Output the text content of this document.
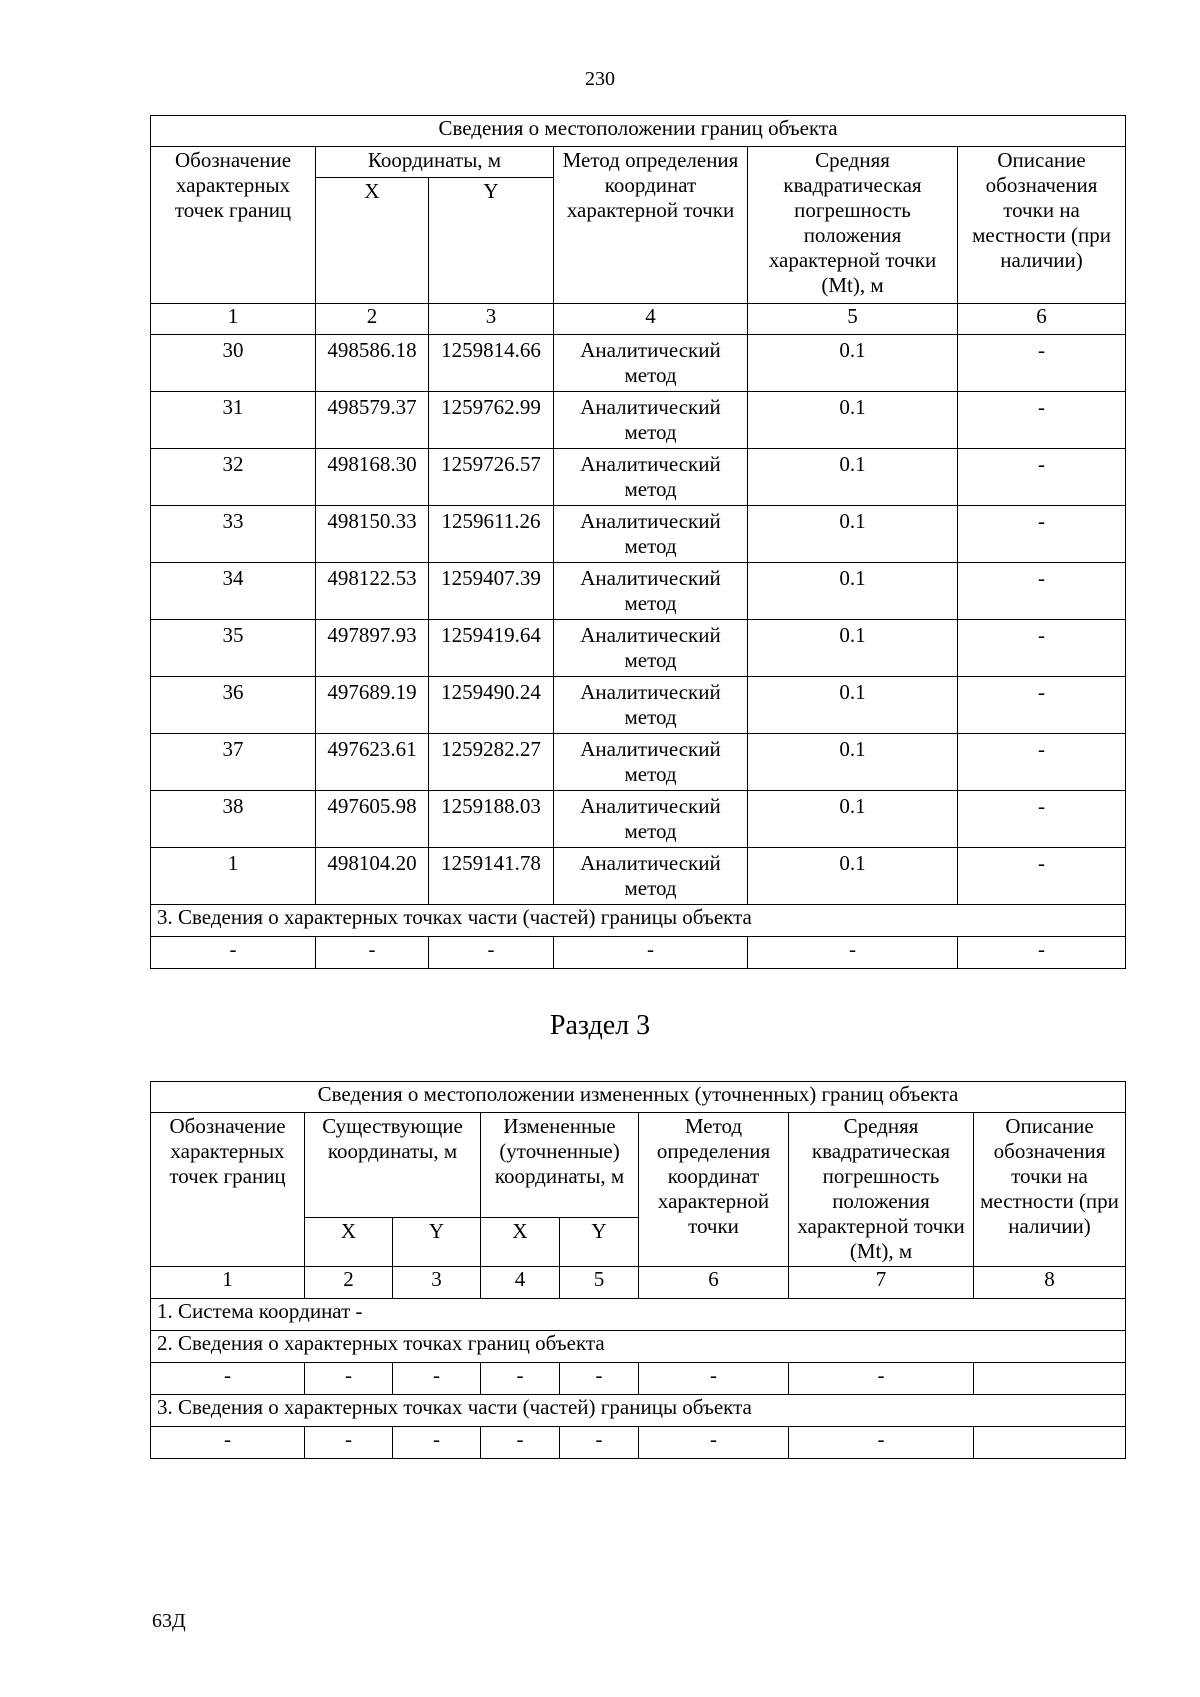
230
Сведения о местоположении границ объекта					
Обозначение характерных точек границ	Координаты, м		Метод определения координат характерной точки	Средняя квадратическая погрешность положения характерной точки (Mt), м	Описание обозначения точки на местности (при наличии)
	X	Y			
1	2	3	4	5	6
30	498586.18	1259814.66	Аналитический метод	0.1	-
31	498579.37	1259762.99	Аналитический метод	0.1	-
32	498168.30	1259726.57	Аналитический метод	0.1	-
33	498150.33	1259611.26	Аналитический метод	0.1	-
34	498122.53	1259407.39	Аналитический метод	0.1	-
35	497897.93	1259419.64	Аналитический метод	0.1	-
36	497689.19	1259490.24	Аналитический метод	0.1	-
37	497623.61	1259282.27	Аналитический метод	0.1	-
38	497605.98	1259188.03	Аналитический метод	0.1	-
1	498104.20	1259141.78	Аналитический метод	0.1	-
3. Сведения о характерных точках части (частей) границы объекта					
-	-	-	-	-	-
Раздел 3
Сведения о местоположении измененных (уточненных) границ объекта							
Обозначение характерных точек границ	Существующие координаты, м		Измененные (уточненные) координаты, м		Метод определения координат характерной точки	Средняя квадратическая погрешность положения характерной точки (Mt), м	Описание обозначения точки на местности (при наличии)
	X	Y	X	Y			
1	2	3	4	5	6	7	8
1. Система координат -							
2. Сведения о характерных точках границ объекта							
-	-	-	-	-	-	-	
3. Сведения о характерных точках части (частей) границы объекта							
-	-	-	-	-	-	-	
63Д
